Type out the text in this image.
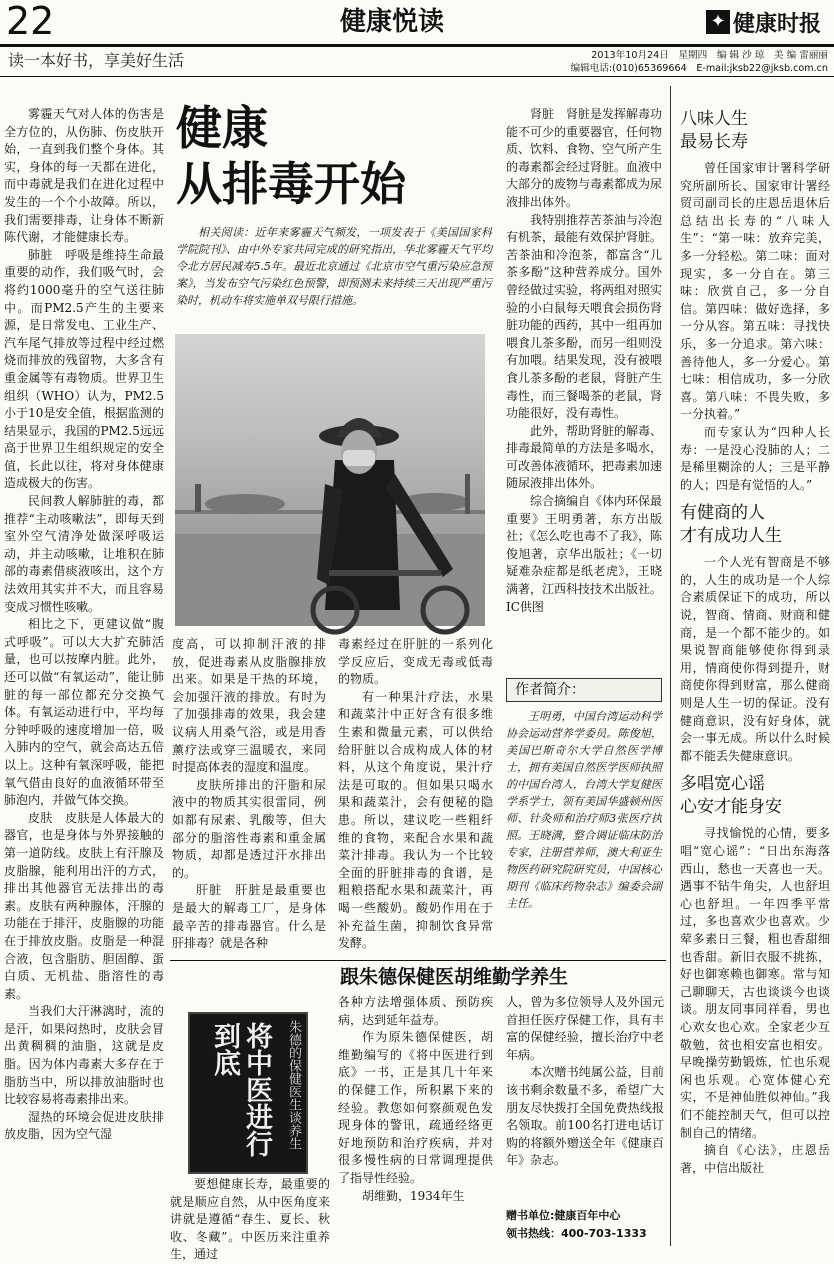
22	健康悦读	✦ 健康时报
读一本好书，享美好生活	2013年10月24日　星期四　编 辑 沙 琼　美 编 雷丽丽
编辑电话:(010)65369664　E-mail:jksb22@jksb.com.cn

雾霾天气对人体的伤害是全方位的，从伤肺、伤皮肤开始，一直到我们整个身体。其实，身体的每一天都在进化，而中毒就是我们在进化过程中发生的一个个小故障。所以，我们需要排毒，让身体不断新陈代谢，才能健康长寿。

肺脏　呼吸是维持生命最重要的动作，我们吸气时，会将约1000毫升的空气送往肺中。而PM2.5产生的主要来源，是日常发电、工业生产、汽车尾气排放等过程中经过燃烧而排放的残留物，大多含有重金属等有毒物质。世界卫生组织（WHO）认为，PM2.5小于10是安全值，根据监测的结果显示，我国的PM2.5远远高于世界卫生组织规定的安全值，长此以往，将对身体健康造成极大的伤害。

民间教人解肺脏的毒，都推荐“主动咳嗽法”，即每天到室外空气清净处做深呼吸运动，并主动咳嗽，让堆积在肺部的毒素借痰液咳出，这个方法效用其实并不大，而且容易变成习惯性咳嗽。

相比之下，更建议做“腹式呼吸”。可以大大扩充肺活量，也可以按摩内脏。此外，还可以做“有氧运动”，能让肺脏的每一部位都充分交换气体。有氧运动进行中，平均每分钟呼吸的速度增加一倍，吸入肺内的空气，就会高达五倍以上。这种有氧深呼吸，能把氧气借由良好的血液循环带至肺泡内，并做气体交换。

皮肤　皮肤是人体最大的器官，也是身体与外界接触的第一道防线。皮肤上有汗腺及皮脂腺，能利用出汗的方式，排出其他器官无法排出的毒素。皮肤有两种腺体，汗腺的功能在于排汗，皮脂腺的功能在于排放皮脂。皮脂是一种混合液，包含脂肪、胆固醇、蛋白质、无机盐、脂溶性的毒素。

当我们大汗淋漓时，流的是汗，如果闷热时，皮肤会冒出黄稠稠的油脂，这就是皮脂。因为体内毒素大多存在于脂肪当中，所以排放油脂时也比较容易将毒素排出来。

湿热的环境会促进皮肤排放皮脂，因为空气湿

健康
从排毒开始
相关阅读：近年来雾霾天气频发，一项发表于《美国国家科学院院刊》、由中外专家共同完成的研究指出，华北雾霾天气平均令北方居民减寿5.5年。最近北京通过《北京市空气重污染应急预案》，当发布空气污染红色预警，即预测未来持续三天出现严重污染时，机动车将实施单双号限行措施。

度高，可以抑制汗液的排放，促进毒素从皮脂腺排放出来。如果是干热的环境，会加强汗液的排放。有时为了加强排毒的效果，我会建议病人用桑气浴，或是用香薰疗法或穿三温暖衣，来同时提高体表的湿度和温度。

皮肤所排出的汗脂和尿液中的物质其实很雷同，例如都有尿素、乳酸等，但大部分的脂溶性毒素和重金属物质，却都是透过汗水排出的。

肝脏　肝脏是最重要也是最大的解毒工厂，是身体最辛苦的排毒器官。什么是肝排毒？就是各种

毒素经过在肝脏的一系列化学反应后，变成无毒或低毒的物质。

有一种果汁疗法，水果和蔬菜汁中正好含有很多维生素和微量元素，可以供给给肝脏以合成构成人体的材料，从这个角度说，果汁疗法是可取的。但如果只喝水果和蔬菜汁，会有便秘的隐患。所以，建议吃一些粗纤维的食物，来配合水果和蔬菜汁排毒。我认为一个比较全面的肝脏排毒的食谱，是粗粮搭配水果和蔬菜汁，再喝一些酸奶。酸奶作用在于补充益生菌，抑制饮食异常发酵。

肾脏　肾脏是发挥解毒功能不可少的重要器官，任何物质、饮料、食物、空气所产生的毒素都会经过肾脏。血液中大部分的废物与毒素都成为尿液排出体外。

我特别推荐苦茶油与冷泡有机茶，最能有效保护肾脏。苦茶油和冷泡茶，都富含“儿茶多酚”这种营养成分。国外曾经做过实验，将两组对照实验的小白鼠每天喂食会损伤肾脏功能的西药，其中一组再加喂食儿茶多酚，而另一组则没有加喂。结果发现，没有被喂食儿茶多酚的老鼠，肾脏产生毒性，而三餐喝茶的老鼠，肾功能很好，没有毒性。

此外，帮助肾脏的解毒、排毒最简单的方法是多喝水，可改善体液循环，把毒素加速随尿液排出体外。

综合摘编自《体内环保最重要》王明勇著，东方出版社；《怎么吃也毒不了我》，陈俊旭著，京华出版社；《一切疑难杂症都是纸老虎》，王晓满著，江西科技技术出版社。IC供图

作者简介：
王明勇，中国台湾运动科学协会运动营养学委员。陈俊旭，美国巴斯奇尔大学自然医学博士，拥有美国自然医学医师执照的中国台湾人，台湾大学复健医学系学士，领有美国华盛顿州医师、针灸师和治疗师3张医疗执照。王晓满，整合调证临床防治专家，注册营养师，澳大利亚生物医药研究院研究员，中国核心期刊《临床药物杂志》编委会副主任。
朱德的保健医生谈养生
将中医进行到底
跟朱德保健医胡维勤学养生

要想健康长寿，最重要的就是顺应自然，从中医角度来讲就是遵循“春生、夏长、秋收、冬藏”。中医历来注重养生，通过

各种方法增强体质、预防疾病，达到延年益寿。

作为原朱德保健医，胡维勤编写的《将中医进行到底》一书，正是其几十年来的保健工作，所积累下来的经验。教您如何察颜观色发现身体的警讯，疏通经络更好地预防和治疗疾病，并对很多慢性病的日常调理提供了指导性经验。

胡维勤，1934年生

人，曾为多位领导人及外国元首担任医疗保健工作，具有丰富的保健经验，擅长治疗中老年病。

本次赠书纯属公益，目前该书剩余数量不多，希望广大朋友尽快拨打全国免费热线报名领取。前100名打进电话订购的将额外赠送全年《健康百年》杂志。

赠书单位:健康百年中心
领书热线：400-703-1333
八味人生
最易长寿

曾任国家审计署科学研究所副所长、国家审计署经贸司副司长的庄恩岳退休后总结出长寿的“八味人生”：“第一味：放弃完美，多一分轻松。第二味：面对现实，多一分自在。第三味：欣赏自己，多一分自信。第四味：做好选择，多一分从容。第五味：寻找快乐，多一分追求。第六味：善待他人，多一分爱心。第七味：相信成功，多一分欣喜。第八味：不畏失败，多一分执着。”

而专家认为“四种人长寿：一是没心没肺的人；二是稀里糊涂的人；三是平静的人；四是有觉悟的人。”

有健商的人
才有成功人生

一个人光有智商是不够的，人生的成功是一个人综合素质保证下的成功，所以说，智商、情商、财商和健商，是一个都不能少的。如果说智商能够使你得到录用，情商使你得到提升，财商使你得到财富，那么健商则是人生一切的保证。没有健商意识，没有好身体，就会一事无成。所以什么时候都不能丢失健康意识。

多唱宽心谣
心安才能身安

寻找愉悦的心情，要多唱“宽心谣”：“日出东海落西山，愁也一天喜也一天。遇事不钻牛角尖，人也舒坦心也舒坦。一年四季平常过，多也喜欢少也喜欢。少荤多素日三餐，粗也香甜细也香甜。新旧衣服不挑拣，好也御寒赖也御寒。常与知己聊聊天，古也谈谈今也谈谈。朋友同事同祥看，男也心欢女也心欢。全家老少互敬勉，贫也相安富也相安。早晚操劳勤锻炼，忙也乐观闲也乐观。心宽体健心充实，不是神仙胜似神仙。”我们不能控制天气，但可以控制自己的情绪。

摘自《心法》，庄恩岳著，中信出版社
